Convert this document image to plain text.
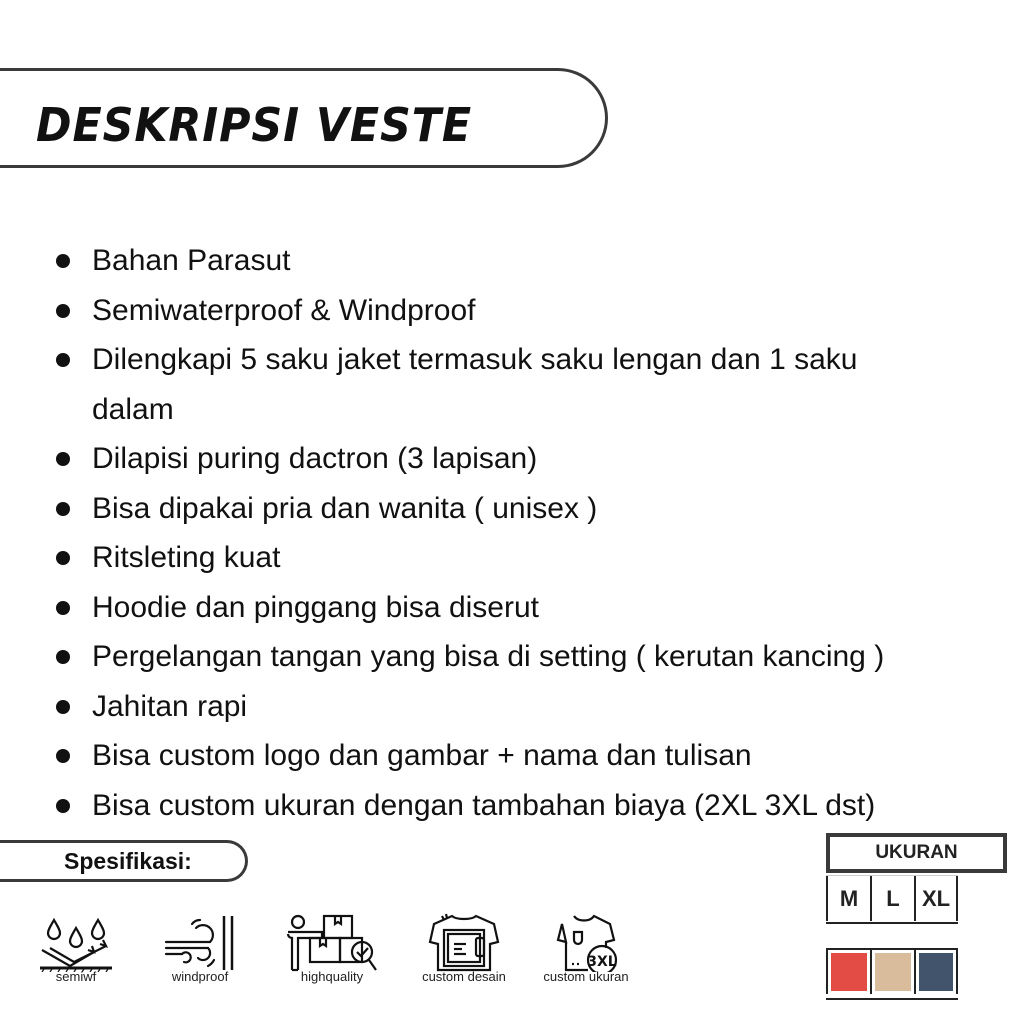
DESKRIPSI VESTE
Bahan Parasut
Semiwaterproof & Windproof
Dilengkapi 5 saku jaket termasuk saku lengan dan 1 saku
dalam
Dilapisi puring dactron (3 lapisan)
Bisa dipakai pria dan wanita ( unisex )
Ritsleting kuat
Hoodie dan pinggang bisa diserut
Pergelangan tangan yang bisa di setting ( kerutan kancing )
Jahitan rapi
Bisa custom logo dan gambar + nama dan tulisan
Bisa custom ukuran dengan tambahan biaya (2XL 3XL dst)
Spesifikasi:
semiwf	windproof	highquality	custom desain
3XL
custom ukuran
UKURAN
M	L	XL
